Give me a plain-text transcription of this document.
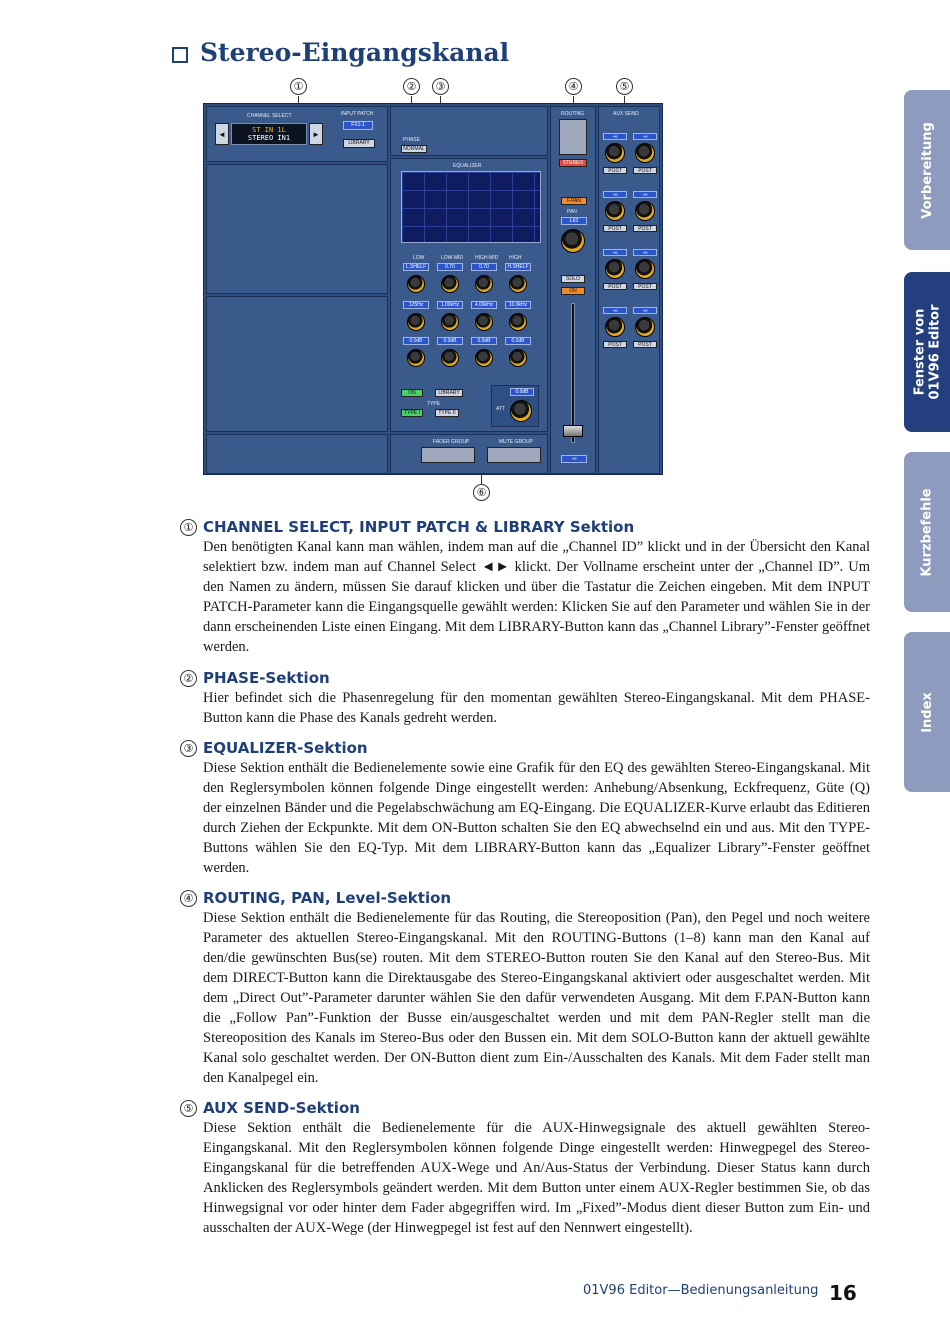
Stereo-Eingangskanal
①	②	③	④	⑤
⑥
CHANNEL SELECT
◄	ST IN 1L
STEREO IN1	►
INPUT PATCH
FX1-1
LIBRARY	PHASE
NORMAL
EQUALIZER
LOW	LOW-MID HIGH-MID HIGH
L.SHELF	0.70	0.70	H.SHELF
125Hz	1.00kHz	4.00kHz	10.0kHz
0.0dB	0.0dB	0.0dB	0.0dB
ON	LIBRARY
TYPE
TYPE I	TYPE II
0.0dB
ATT
FADER GROUP	MUTE GROUP
ROUTING
STEREO
F.PAN
PAN
L63
SOLO
ON
-∞
AUX SEND
-∞
POST
-∞
POST
-∞
POST
-∞
POST
-∞
POST
-∞
POST
-∞
POST
-∞
POST
① CHANNEL SELECT, INPUT PATCH & LIBRARY Sektion
Den benötigten Kanal kann man wählen, indem man auf die „Channel ID” klickt und in der Übersicht den Kanal selektiert bzw. indem man auf Channel Select ◄► klickt. Der Vollname erscheint unter der „Channel ID”. Um den Namen zu ändern, müssen Sie darauf klicken und über die Tastatur die Zeichen eingeben. Mit dem INPUT PATCH-Parameter kann die Eingangsquelle gewählt werden: Klicken Sie auf den Parameter und wählen Sie in der dann erscheinenden Liste einen Eingang. Mit dem LIBRARY-Button kann das „Channel Library”-Fenster geöffnet werden.
② PHASE-Sektion
Hier befindet sich die Phasenregelung für den momentan gewählten Stereo-Eingangskanal. Mit dem PHASE-Button kann die Phase des Kanals gedreht werden.
③ EQUALIZER-Sektion
Diese Sektion enthält die Bedienelemente sowie eine Grafik für den EQ des gewählten Stereo-Eingangskanal. Mit den Reglersymbolen können folgende Dinge eingestellt werden: Anhebung/Absenkung, Eckfrequenz, Güte (Q) der einzelnen Bänder und die Pegelabschwächung am EQ-Eingang. Die EQUALIZER-Kurve erlaubt das Editieren durch Ziehen der Eckpunkte. Mit dem ON-Button schalten Sie den EQ abwechselnd ein und aus. Mit den TYPE-Buttons wählen Sie den EQ-Typ. Mit dem LIBRARY-Button kann das „Equalizer Library”-Fenster geöffnet werden.
④ ROUTING, PAN, Level-Sektion
Diese Sektion enthält die Bedienelemente für das Routing, die Stereoposition (Pan), den Pegel und noch weitere Parameter des aktuellen Stereo-Eingangskanal. Mit den ROUTING-Buttons (1–8) kann man den Kanal auf den/die gewünschten Bus(se) routen. Mit dem STEREO-Button routen Sie den Kanal auf den Stereo-Bus. Mit dem DIRECT-Button kann die Direktausgabe des Stereo-Eingangskanal aktiviert oder ausgeschaltet werden. Mit dem „Direct Out”-Parameter darunter wählen Sie den dafür verwendeten Ausgang. Mit dem F.PAN-Button kann die „Follow Pan”-Funktion der Busse ein/ausgeschaltet werden und mit dem PAN-Regler stellt man die Stereoposition des Kanals im Stereo-Bus oder den Bussen ein. Mit dem SOLO-Button kann der aktuell gewählte Kanal solo geschaltet werden. Der ON-Button dient zum Ein-/Ausschalten des Kanals. Mit dem Fader stellt man den Kanalpegel ein.
⑤ AUX SEND-Sektion
Diese Sektion enthält die Bedienelemente für die AUX-Hinwegsignale des aktuell gewählten Stereo-Eingangskanal. Mit den Reglersymbolen können folgende Dinge eingestellt werden: Hinwegpegel des Stereo-Eingangskanal für die betreffenden AUX-Wege und An/Aus-Status der Verbindung. Dieser Status kann durch Anklicken des Reglersymbols geändert werden. Mit dem Button unter einem AUX-Regler bestimmen Sie, ob das Hinwegsignal vor oder hinter dem Fader abgegriffen wird. Im „Fixed”-Modus dient dieser Button zum Ein- und ausschalten der AUX-Wege (der Hinwegpegel ist fest auf den Nennwert eingestellt).
Vorbereitung
Fenster von
01V96 Editor
Kurzbefehle
Index
01V96 Editor—Bedienungsanleitung 16
